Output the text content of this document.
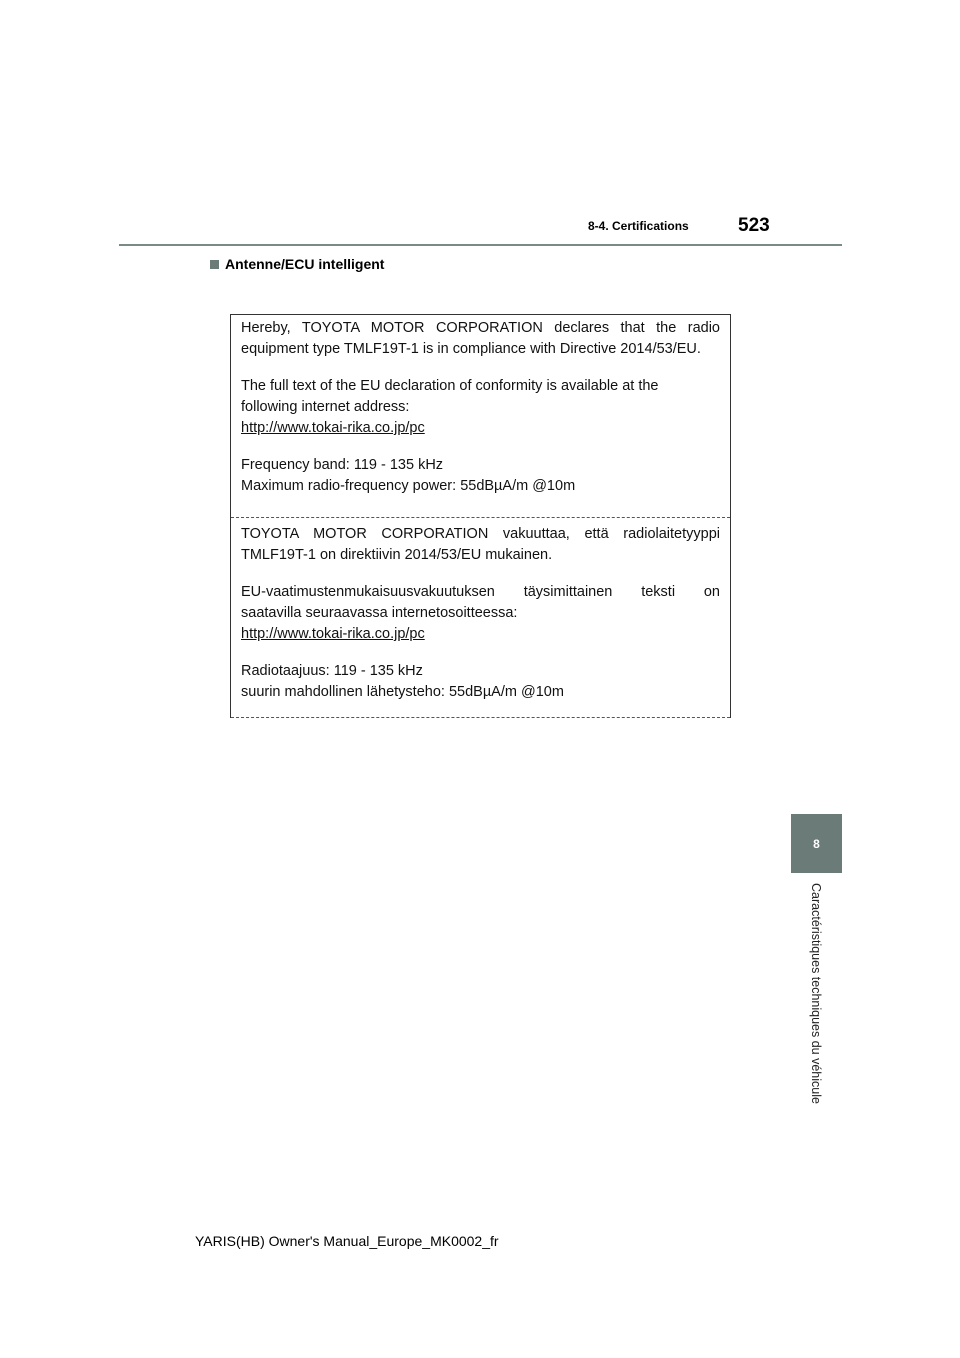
8-4. Certifications	523
Antenne/ECU intelligent

Hereby, TOYOTA MOTOR CORPORATION declares that the radio

equipment type TMLF19T-1 is in compliance with Directive 2014/53/EU.

The full text of the EU declaration of conformity is available at the

following internet address:

http://www.tokai-rika.co.jp/pc

Frequency band: 119 - 135 kHz

Maximum radio-frequency power: 55dBµA/m @10m

TOYOTA MOTOR CORPORATION vakuuttaa, että radiolaitetyyppi

TMLF19T-1 on direktiivin 2014/53/EU mukainen.

EU-vaatimustenmukaisuusvakuutuksen täysimittainen teksti on

saatavilla seuraavassa internetosoitteessa:

http://www.tokai-rika.co.jp/pc

Radiotaajuus: 119 - 135 kHz

suurin mahdollinen lähetysteho: 55dBµA/m @10m

8
Caractéristiques techniques du véhicule
YARIS(HB) Owner's Manual_Europe_MK0002_fr
